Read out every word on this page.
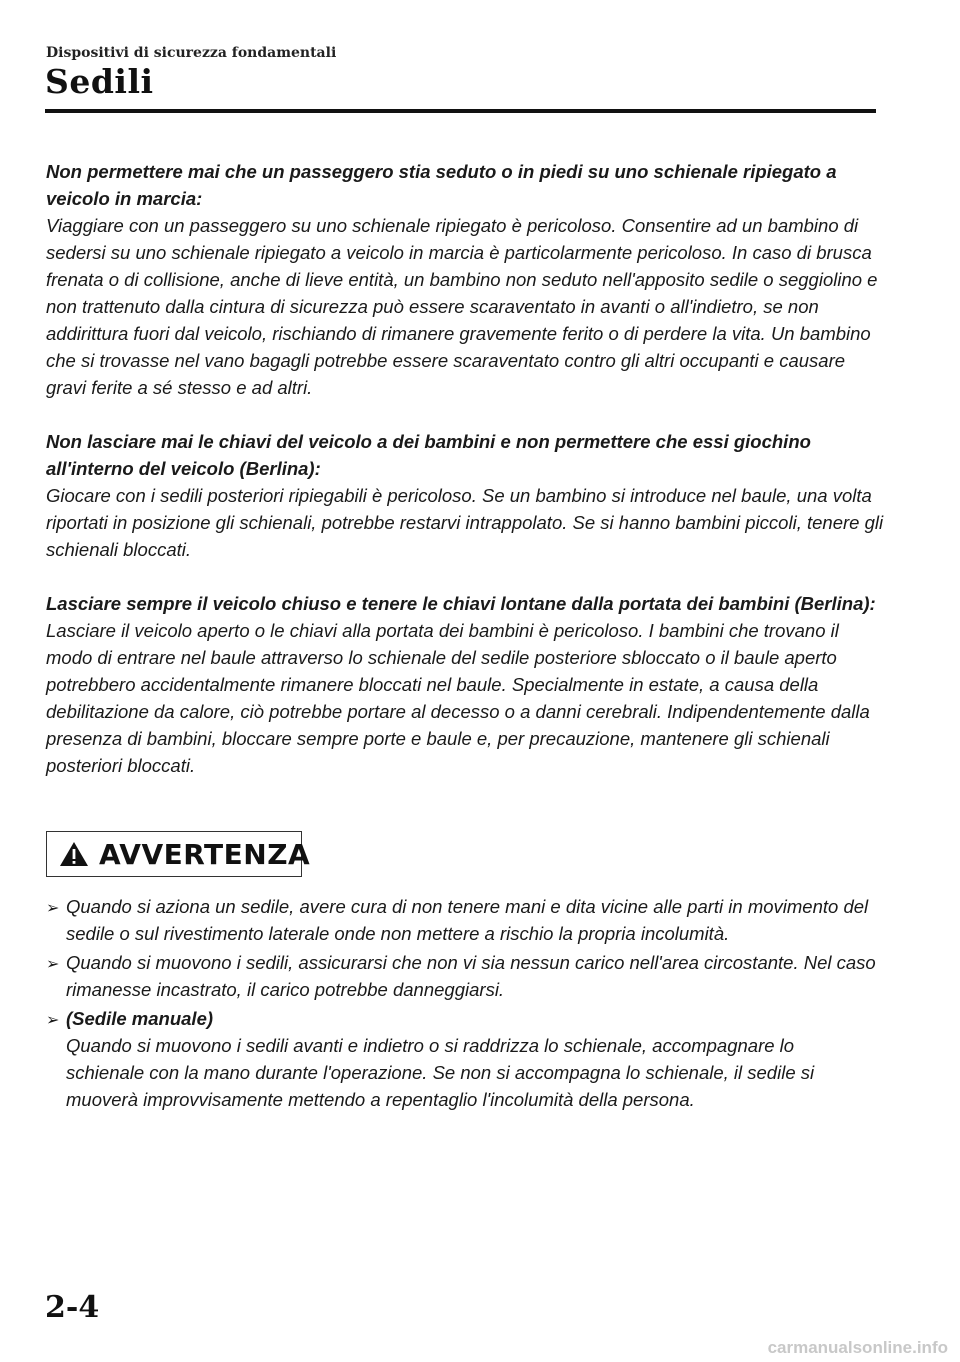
Dispositivi di sicurezza fondamentali
Sedili
Non permettere mai che un passeggero stia seduto o in piedi su uno schienale ripiegato a veicolo in marcia:
Viaggiare con un passeggero su uno schienale ripiegato è pericoloso. Consentire ad un bambino di sedersi su uno schienale ripiegato a veicolo in marcia è particolarmente pericoloso. In caso di brusca frenata o di collisione, anche di lieve entità, un bambino non seduto nell'apposito sedile o seggiolino e non trattenuto dalla cintura di sicurezza può essere scaraventato in avanti o all'indietro, se non addirittura fuori dal veicolo, rischiando di rimanere gravemente ferito o di perdere la vita. Un bambino che si trovasse nel vano bagagli potrebbe essere scaraventato contro gli altri occupanti e causare gravi ferite a sé stesso e ad altri.
Non lasciare mai le chiavi del veicolo a dei bambini e non permettere che essi giochino all'interno del veicolo (Berlina):
Giocare con i sedili posteriori ripiegabili è pericoloso. Se un bambino si introduce nel baule, una volta riportati in posizione gli schienali, potrebbe restarvi intrappolato. Se si hanno bambini piccoli, tenere gli schienali bloccati.
Lasciare sempre il veicolo chiuso e tenere le chiavi lontane dalla portata dei bambini (Berlina):
Lasciare il veicolo aperto o le chiavi alla portata dei bambini è pericoloso. I bambini che trovano il modo di entrare nel baule attraverso lo schienale del sedile posteriore sbloccato o il baule aperto potrebbero accidentalmente rimanere bloccati nel baule. Specialmente in estate, a causa della debilitazione da calore, ciò potrebbe portare al decesso o a danni cerebrali. Indipendentemente dalla presenza di bambini, bloccare sempre porte e baule e, per precauzione, mantenere gli schienali posteriori bloccati.
AVVERTENZA
➢ Quando si aziona un sedile, avere cura di non tenere mani e dita vicine alle parti in movimento del sedile o sul rivestimento laterale onde non mettere a rischio la propria incolumità.
➢ Quando si muovono i sedili, assicurarsi che non vi sia nessun carico nell'area circostante. Nel caso rimanesse incastrato, il carico potrebbe danneggiarsi.
➢ (Sedile manuale)
Quando si muovono i sedili avanti e indietro o si raddrizza lo schienale, accompagnare lo schienale con la mano durante l'operazione. Se non si accompagna lo schienale, il sedile si muoverà improvvisamente mettendo a repentaglio l'incolumità della persona.
2-4
carmanualsonline.info
